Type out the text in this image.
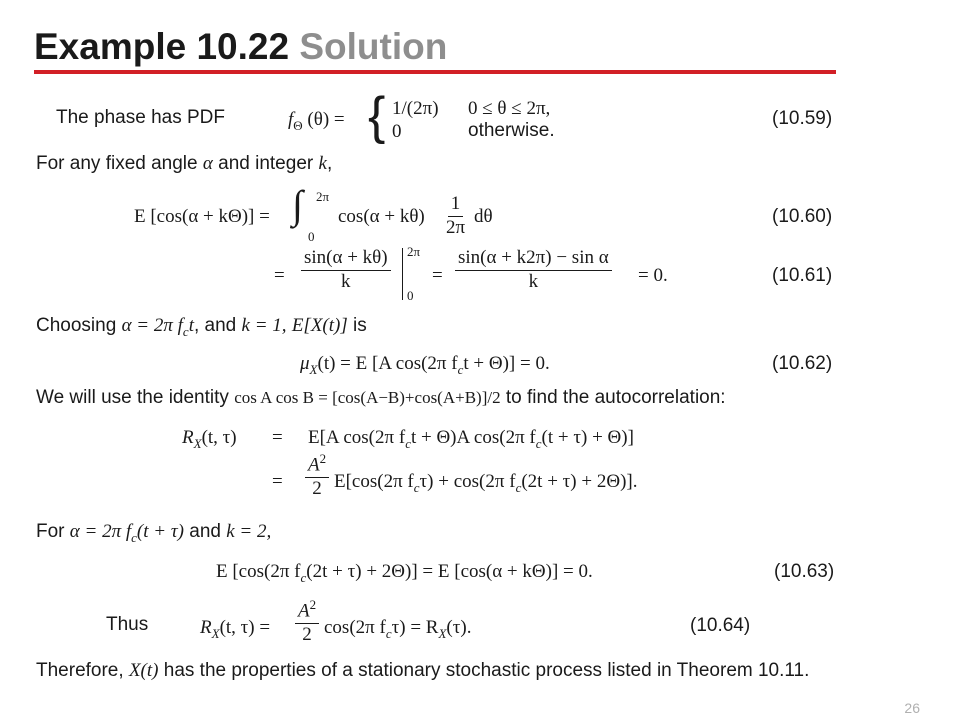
Example 10.22 Solution
The phase has PDF	$f_\Theta$ (θ) = { 1/(2π) 0 ≤ θ ≤ 2π,
0	otherwise.
(10.59)
For any fixed angle α and integer k,
E [cos(α + kΘ)] = ∫ 2π
0
$\cos(\alpha + k\theta) \frac{1}{2\pi}$ dθ	(10.60)
= $\frac{\sin(\alpha + k\theta)}{k} 2\pi$
0
= $\frac{\text{sin(α + k2π) − sin α}}{k} = 0$.	(10.61)
Choosing α = 2π $f_ct$, and k = 1, E[X(t)] is
$\mu_X(t) = E$ [A cos(2π $f_ct + \Theta)] = 0$.	(10.62)
We will use the identity cos A cos B = [cos(A−B)+cos(A+B)]/2 to find the autocorrelation:
$R_X(t$, τ) = E[A cos(2π $f_ct + \Theta)A$ cos(2π $f_c(t + \tau) + \Theta$)]
= $\frac{A^2}{2} E[\cos(2\pi$ $f_c\tau) + \cos(2\pi$ $f_c(2t + \tau) + 2\Theta$)].
For α = 2π $f_c(t + \tau)$ and k = 2,
E [cos(2π $f_c(2t + \tau) + 2\Theta)] = E$ [cos(α + kΘ)] = 0.	(10.63)
Thus	$R_X(t$, $\tau) = \frac{A^2}{2} \cos(2\pi$ $f_c\tau) = R_X(\tau)$.	(10.64)
Therefore, X(t) has the properties of a stationary stochastic process listed in Theorem 10.11.
26
